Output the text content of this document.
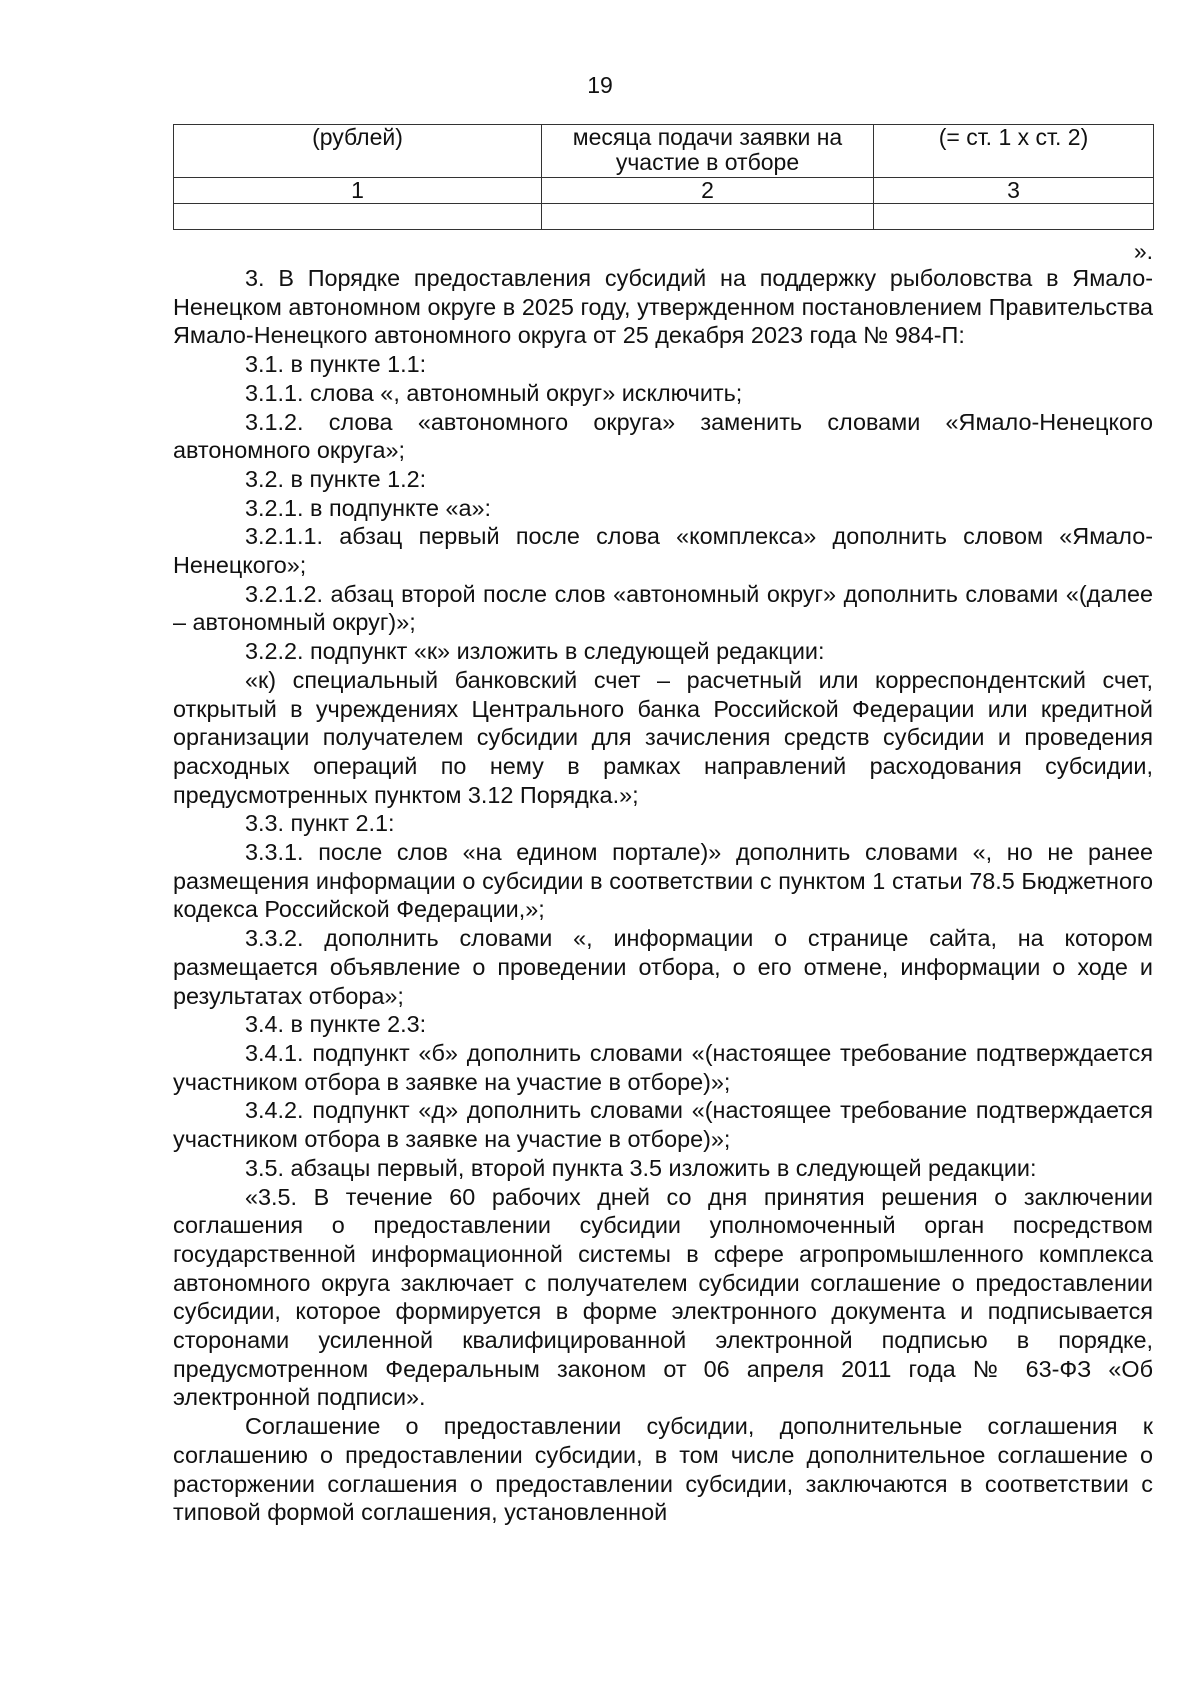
19
(рублей)	месяца подачи заявки на участие в отборе	(= ст. 1 х ст. 2)
1	2	3

».

3. В Порядке предоставления субсидий на поддержку рыболовства в Ямало-Ненецком автономном округе в 2025 году, утвержденном постановлением Правительства Ямало-Ненецкого автономного округа от 25 декабря 2023 года № 984-П:

3.1. в пункте 1.1:

3.1.1. слова «, автономный округ» исключить;

3.1.2. слова «автономного округа» заменить словами «Ямало-Ненецкого автономного округа»;

3.2. в пункте 1.2:

3.2.1. в подпункте «а»:

3.2.1.1. абзац первый после слова «комплекса» дополнить словом «Ямало-Ненецкого»;

3.2.1.2. абзац второй после слов «автономный округ» дополнить словами «(далее – автономный округ)»;

3.2.2. подпункт «к» изложить в следующей редакции:

«к) специальный банковский счет – расчетный или корреспондентский счет, открытый в учреждениях Центрального банка Российской Федерации или кредитной организации получателем субсидии для зачисления средств субсидии и проведения расходных операций по нему в рамках направлений расходования субсидии, предусмотренных пунктом 3.12 Порядка.»;

3.3. пункт 2.1:

3.3.1. после слов «на едином портале)» дополнить словами «, но не ранее размещения информации о субсидии в соответствии с пунктом 1 статьи 78.5 Бюджетного кодекса Российской Федерации,»;

3.3.2. дополнить словами «, информации о странице сайта, на котором размещается объявление о проведении отбора, о его отмене, информации о ходе и результатах отбора»;

3.4. в пункте 2.3:

3.4.1. подпункт «б» дополнить словами «(настоящее требование подтверждается участником отбора в заявке на участие в отборе)»;

3.4.2. подпункт «д» дополнить словами «(настоящее требование подтверждается участником отбора в заявке на участие в отборе)»;

3.5. абзацы первый, второй пункта 3.5 изложить в следующей редакции:

«3.5. В течение 60 рабочих дней со дня принятия решения о заключении соглашения о предоставлении субсидии уполномоченный орган посредством государственной информационной системы в сфере агропромышленного комплекса автономного округа заключает с получателем субсидии соглашение о предоставлении субсидии, которое формируется в форме электронного документа и подписывается сторонами усиленной квалифицированной электронной подписью в порядке, предусмотренном Федеральным законом от 06 апреля 2011 года № 63-ФЗ «Об электронной подписи».

Соглашение о предоставлении субсидии, дополнительные соглашения к соглашению о предоставлении субсидии, в том числе дополнительное соглашение о расторжении соглашения о предоставлении субсидии, заключаются в соответствии с типовой формой соглашения, установленной
